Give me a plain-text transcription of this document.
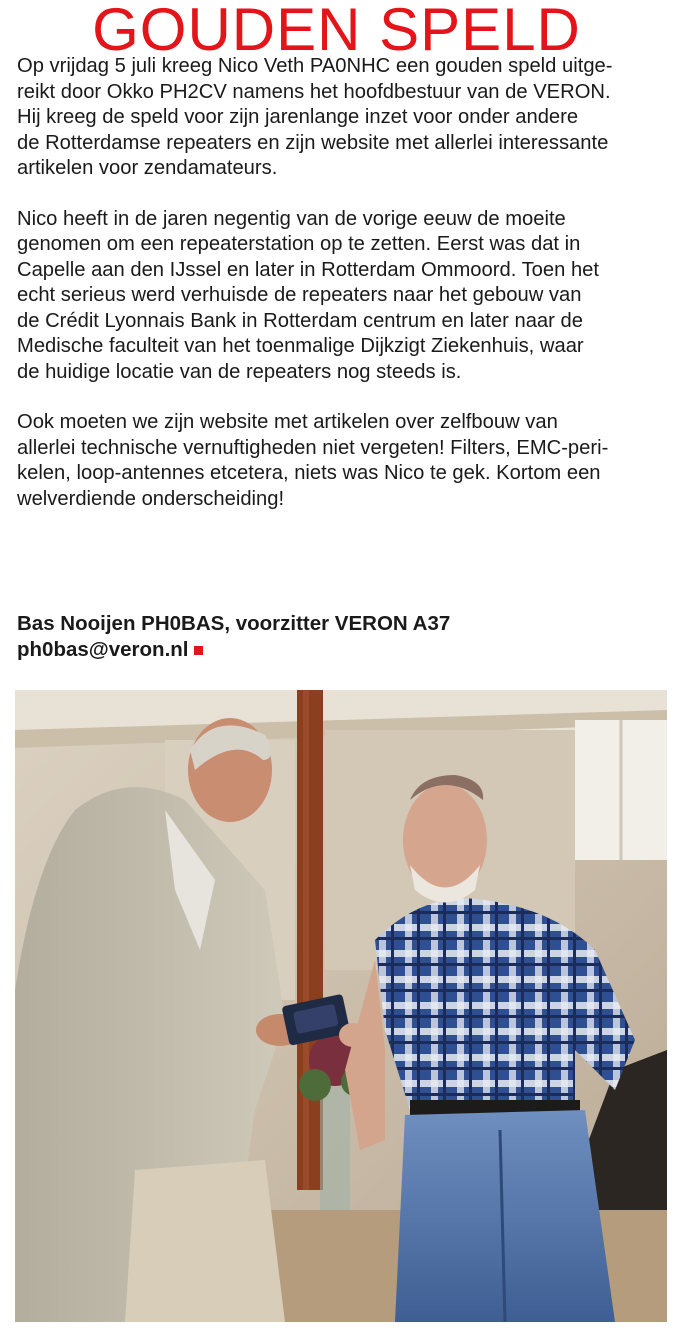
GOUDEN SPELD

Op vrijdag 5 juli kreeg Nico Veth PA0NHC een gouden speld uitge-
reikt door Okko PH2CV namens het hoofdbestuur van de VERON.
Hij kreeg de speld voor zijn jarenlange inzet voor onder andere
de Rotterdamse repeaters en zijn website met allerlei interessante
artikelen voor zendamateurs.

Nico heeft in de jaren negentig van de vorige eeuw de moeite
genomen om een repeaterstation op te zetten. Eerst was dat in
Capelle aan den IJssel en later in Rotterdam Ommoord. Toen het
echt serieus werd verhuisde de repeaters naar het gebouw van
de Crédit Lyonnais Bank in Rotterdam centrum en later naar de
Medische faculteit van het toenmalige Dijkzigt Ziekenhuis, waar
de huidige locatie van de repeaters nog steeds is.

Ook moeten we zijn website met artikelen over zelfbouw van
allerlei technische vernuftigheden niet vergeten! Filters, EMC-peri-
kelen, loop-antennes etcetera, niets was Nico te gek. Kortom een
welverdiende onderscheiding!

Bas Nooijen PH0BAS, voorzitter VERON A37
ph0bas@veron.nl
